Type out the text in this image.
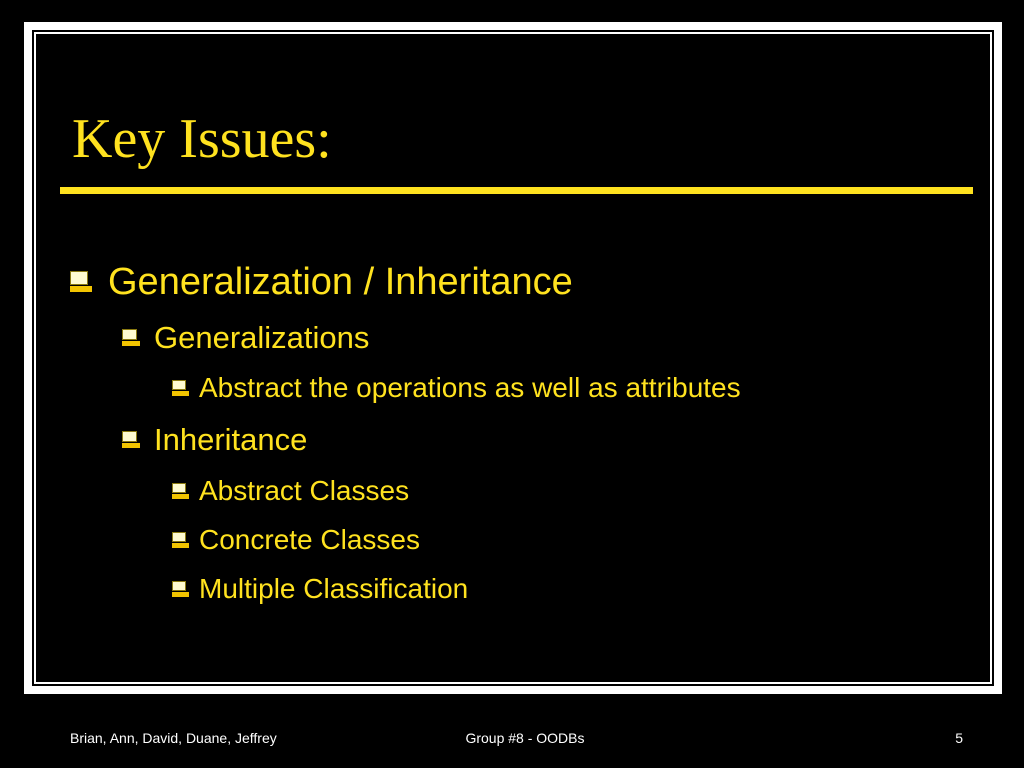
Key Issues:
Generalization / Inheritance
Generalizations
Abstract the operations as well as attributes
Inheritance
Abstract Classes
Concrete Classes
Multiple Classification
Brian, Ann, David, Duane, Jeffrey	Group #8 - OODBs	5
